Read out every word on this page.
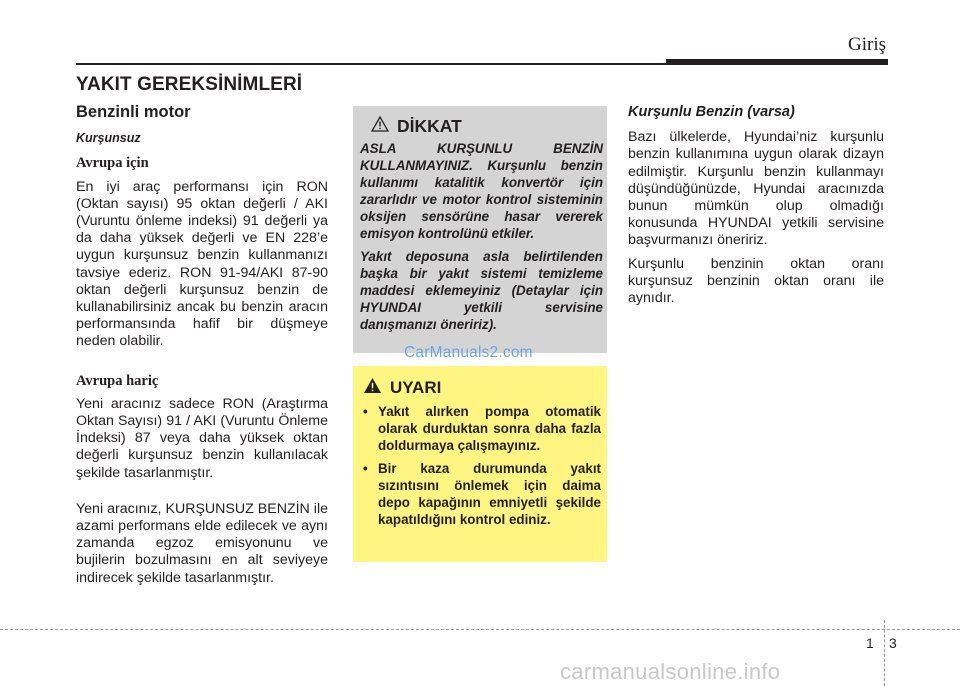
Giriş
YAKIT GEREKSİNİMLERİ
Benzinli motor
Kurşunsuz
Avrupa için
En iyi araç performansı için RON (Oktan sayısı) 95 oktan değerli / AKI (Vuruntu önleme indeksi) 91 değerli ya da daha yüksek değerli ve EN 228’e uygun kurşunsuz benzin kullanmanızı tavsiye ederiz. RON 91-94/AKI 87-90 oktan değerli kurşunsuz benzin de kullanabilirsiniz ancak bu benzin aracın performansında hafif bir düşmeye neden olabilir.
Avrupa hariç
Yeni aracınız sadece RON (Araştırma Oktan Sayısı) 91 / AKI (Vuruntu Önleme İndeksi) 87 veya daha yüksek oktan değerli kurşunsuz benzin kullanılacak şekilde tasarlanmıştır.
Yeni aracınız, KURŞUNSUZ BENZİN ile azami performans elde edilecek ve aynı zamanda egzoz emisyonunu ve bujilerin bozulmasını en alt seviyeye indirecek şekilde tasarlanmıştır.
DİKKAT

ASLA KURŞUNLU BENZİN KULLANMAYINIZ. Kurşunlu benzin kullanımı katalitik konvertör için zararlıdır ve motor kontrol sisteminin oksijen sensörüne hasar vererek emisyon kontrolünü etkiler.

Yakıt deposuna asla belirtilenden başka bir yakıt sistemi temizleme maddesi eklemeyiniz (Detaylar için HYUNDAI yetkili servisine danışmanızı öneririz).

CarManuals2.com
UYARI
• Yakıt alırken pompa otomatik olarak durduktan sonra daha fazla doldurmaya çalışmayınız.
• Bir kaza durumunda yakıt sızıntısını önlemek için daima depo kapağının emniyetli şekilde kapatıldığını kontrol ediniz.
Kurşunlu Benzin (varsa)
Bazı ülkelerde, Hyundai’niz kurşunlu benzin kullanımına uygun olarak dizayn edilmiştir. Kurşunlu benzin kullanmayı düşündüğünüzde, Hyundai aracınızda bunun mümkün olup olmadığı konusunda HYUNDAI yetkili servisine başvurmanızı öneririz.
Kurşunlu benzinin oktan oranı kurşunsuz benzinin oktan oranı ile aynıdır.
1 3
carmanualsonline.info
